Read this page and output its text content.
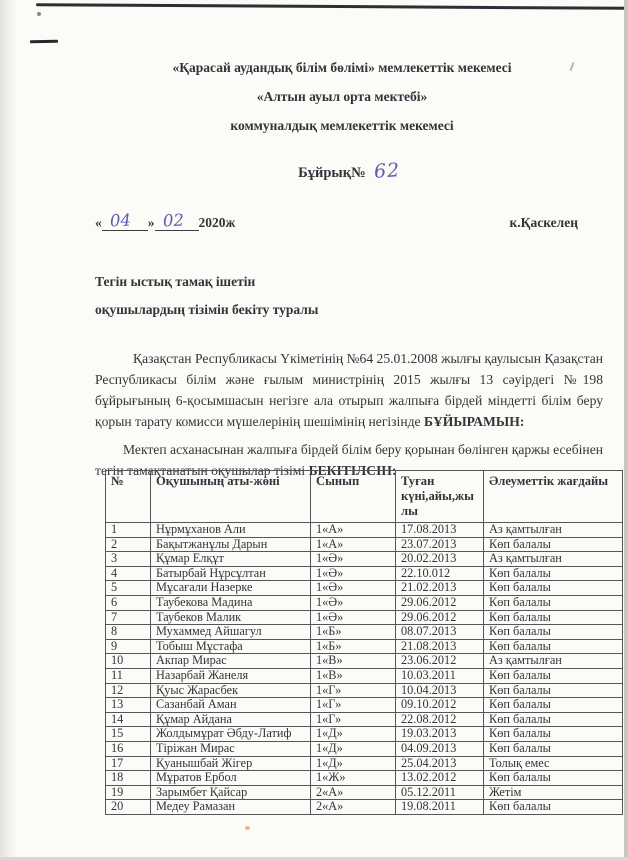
«Қарасай аудандық білім бөлімі» мемлекеттік мекемесі
«Алтын ауыл орта мектебі»
коммуналдық мемлекеттік мекемесі
Бұйрық№ 62
« 04 » 02 2020ж	к.Қаскелең
Тегін ыстық тамақ ішетін
оқушылардың тізімін бекіту туралы

Қазақстан Республикасы Үкіметінің №64 25.01.2008 жылғы қаулысын Қазақстан Республикасы білім және ғылым министрінің 2015 жылғы 13 сәуірдегі №198 бұйрығының 6-қосымшасын негізге ала отырып жалпыға бірдей міндетті білім беру қорын тарату комисси мүшелерінің шешімінің негізінде БҰЙЫРАМЫН:

Мектеп асханасынан жалпыға бірдей білім беру қорынан бөлінген қаржы есебінен тегін тамақтанатын оқушылар тізімі БЕКІТІЛСІН:

№	Оқушының аты-жөні	Сынып	Туған күні,айы,жылы	Әлеуметтік жағдайы
1	Нұрмұханов Али	1«А»	17.08.2013	Аз қамтылған
2	Бақытжанұлы Дарын	1«А»	23.07.2013	Көп балалы
3	Құмар Елқұт	1«Ә»	20.02.2013	Аз қамтылған
4	Батырбай Нұрсұлтан	1«Ә»	22.10.012	Көп балалы
5	Мұсағали Назерке	1«Ә»	21.02.2013	Көп балалы
6	Таубекова Мадина	1«Ә»	29.06.2012	Көп балалы
7	Таубеков Малик	1«Ә»	29.06.2012	Көп балалы
8	Мухаммед Айшагул	1«Б»	08.07.2013	Көп балалы
9	Тобыш Мұстафа	1«Б»	21.08.2013	Көп балалы
10	Акпар Мирас	1«В»	23.06.2012	Аз қамтылған
11	Назарбай Жанеля	1«В»	10.03.2011	Көп балалы
12	Қуыс Жарасбек	1«Г»	10.04.2013	Көп балалы
13	Сазанбай Аман	1«Г»	09.10.2012	Көп балалы
14	Құмар Айдана	1«Г»	22.08.2012	Көп балалы
15	Жолдымұрат Әбду-Латиф	1«Д»	19.03.2013	Көп балалы
16	Тіріжан Мирас	1«Д»	04.09.2013	Көп балалы
17	Қуанышбай Жігер	1«Д»	25.04.2013	Толық емес
18	Мұратов Ербол	1«Ж»	13.02.2012	Көп балалы
19	Зарымбет Қайсар	2«А»	05.12.2011	Жетім
20	Медеу Рамазан	2«А»	19.08.2011	Көп балалы
